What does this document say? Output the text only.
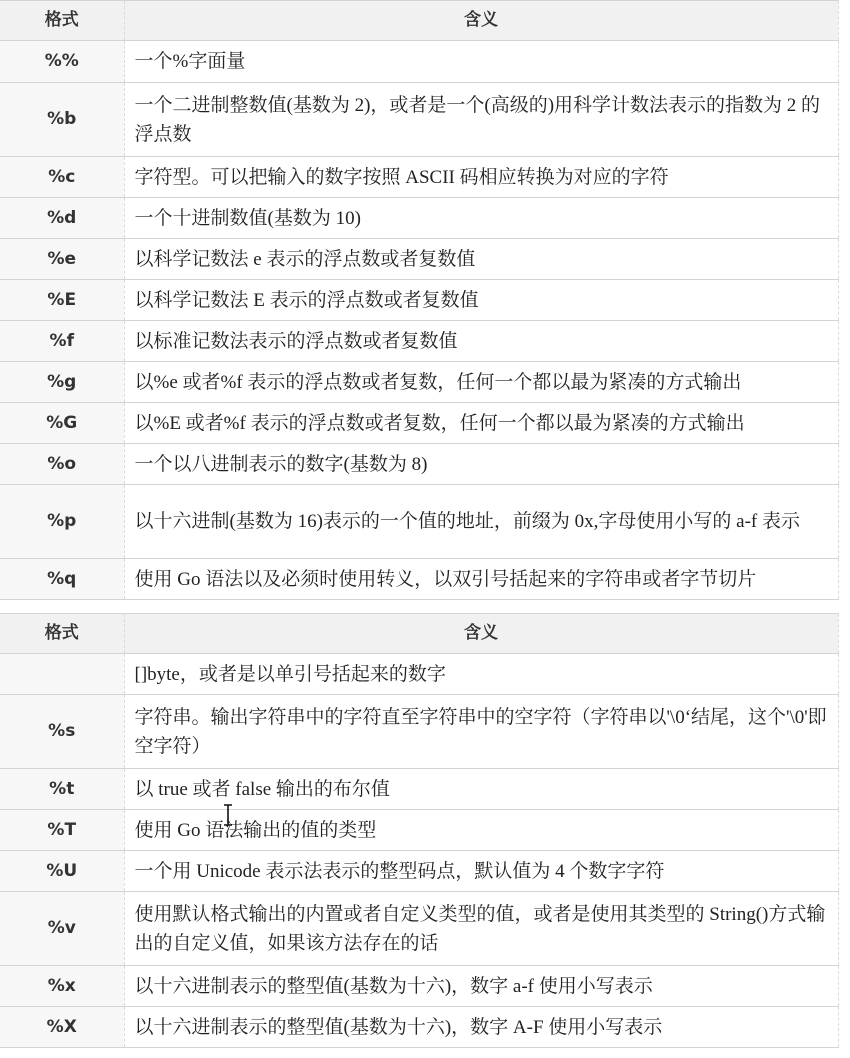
格式	含义
%%	一个%字面量
%b	一个二进制整数值(基数为 2)，或者是一个(高级的)用科学计数法表示的指数为 2 的浮点数
%c	字符型。可以把输入的数字按照 ASCII 码相应转换为对应的字符
%d	一个十进制数值(基数为 10)
%e	以科学记数法 e 表示的浮点数或者复数值
%E	以科学记数法 E 表示的浮点数或者复数值
%f	以标准记数法表示的浮点数或者复数值
%g	以%e 或者%f 表示的浮点数或者复数，任何一个都以最为紧凑的方式输出
%G	以%E 或者%f 表示的浮点数或者复数，任何一个都以最为紧凑的方式输出
%o	一个以八进制表示的数字(基数为 8)
%p	以十六进制(基数为 16)表示的一个值的地址，前缀为 0x,字母使用小写的 a-f 表示
%q	使用 Go 语法以及必须时使用转义，以双引号括起来的字符串或者字节切片
格式	含义
	[]byte，或者是以单引号括起来的数字
%s	字符串。输出字符串中的字符直至字符串中的空字符（字符串以'\0‘结尾，这个'\0'即空字符）
%t	以 true 或者 false 输出的布尔值
%T	使用 Go 语法输出的值的类型
%U	一个用 Unicode 表示法表示的整型码点，默认值为 4 个数字字符
%v	使用默认格式输出的内置或者自定义类型的值，或者是使用其类型的 String()方式输出的自定义值，如果该方法存在的话
%x	以十六进制表示的整型值(基数为十六)，数字 a-f 使用小写表示
%X	以十六进制表示的整型值(基数为十六)，数字 A-F 使用小写表示
